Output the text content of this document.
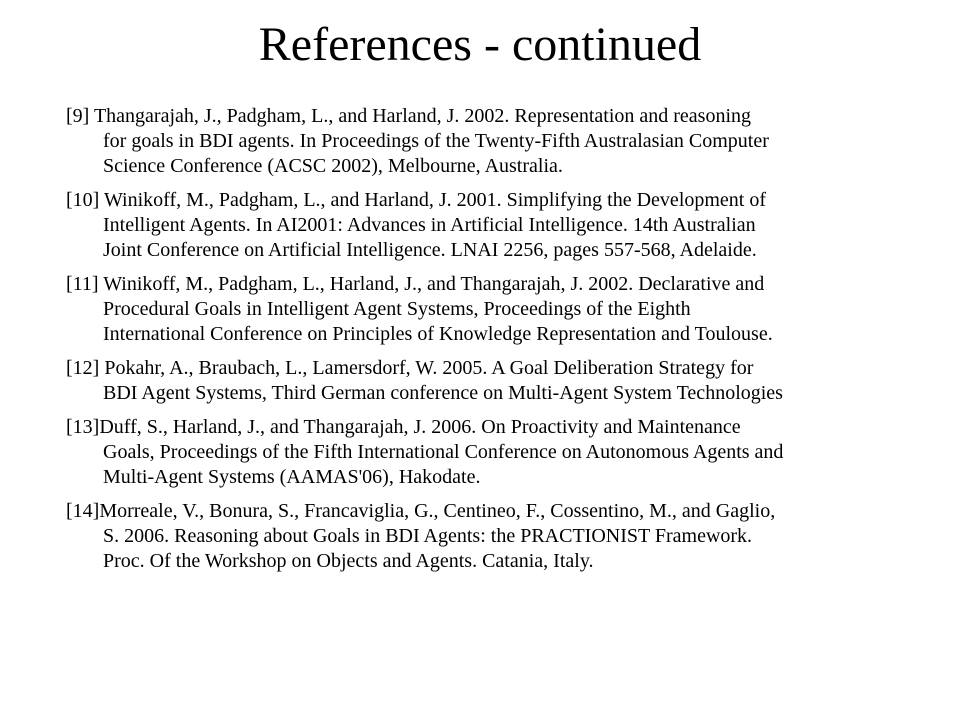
References - continued
[9] Thangarajah, J., Padgham, L., and Harland, J. 2002. Representation and reasoning
for goals in BDI agents. In Proceedings of the Twenty-Fifth Australasian Computer
Science Conference (ACSC 2002), Melbourne, Australia.
[10] Winikoff, M., Padgham, L., and Harland, J. 2001. Simplifying the Development of
Intelligent Agents. In AI2001: Advances in Artificial Intelligence. 14th Australian
Joint Conference on Artificial Intelligence. LNAI 2256, pages 557-568, Adelaide.
[11] Winikoff, M., Padgham, L., Harland, J., and Thangarajah, J. 2002. Declarative and
Procedural Goals in Intelligent Agent Systems, Proceedings of the Eighth
International Conference on Principles of Knowledge Representation and Toulouse.
[12] Pokahr, A., Braubach, L., Lamersdorf, W. 2005. A Goal Deliberation Strategy for
BDI Agent Systems, Third German conference on Multi-Agent System Technologies
[13]Duff, S., Harland, J., and Thangarajah, J. 2006. On Proactivity and Maintenance
Goals, Proceedings of the Fifth International Conference on Autonomous Agents and
Multi-Agent Systems (AAMAS'06), Hakodate.
[14]Morreale, V., Bonura, S., Francaviglia, G., Centineo, F., Cossentino, M., and Gaglio,
S. 2006. Reasoning about Goals in BDI Agents: the PRACTIONIST Framework.
Proc. Of the Workshop on Objects and Agents. Catania, Italy.
